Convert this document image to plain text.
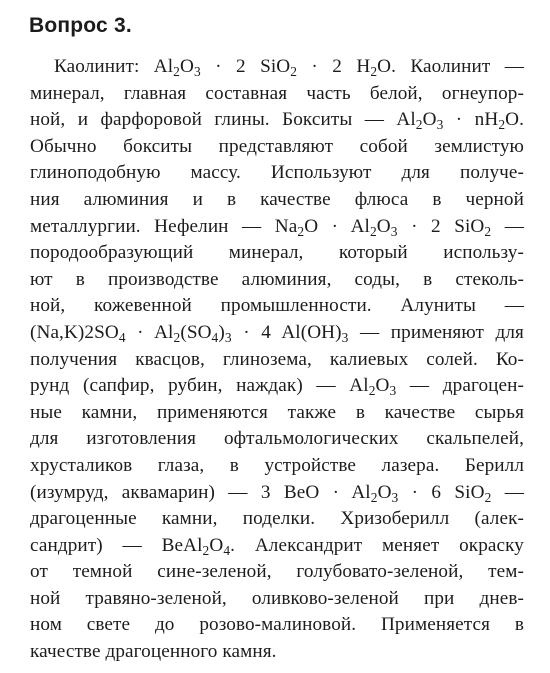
Вопрос 3.
Каолинит: $Al_2O_3 \cdot 2$ SiO$_2$ · 2 $H_2O$. Каолинит —
минерал, главная составная часть белой, огнеупор-
ной, и фарфоровой глины. Бокситы — $Al_2O_3 \cdot nH_2O$.
Обычно бокситы представляют собой землистую
глиноподобную массу. Используют для получе-
ния алюминия и в качестве флюса в черной
металлургии. Нефелин — $Na_2O \cdot Al_2O_3 \cdot 2$ SiO$_2$ —
породообразующий минерал, который использу-
ют в производстве алюминия, соды, в стеколь-
ной, кожевенной промышленности. Алуниты —
$(Na,K)2SO_4 \cdot Al_2(SO_4)_3 \cdot 4$ $Al(OH)_3$ — применяют для
получения квасцов, глинозема, калиевых солей. Ко-
рунд (сапфир, рубин, наждак) — $Al_2O_3$ — драгоцен-
ные камни, применяются также в качестве сырья
для изготовления офтальмологических скальпелей,
хрусталиков глаза, в устройстве лазера. Берилл
(изумруд, аквамарин) — 3 BeO · $Al_2O_3 \cdot 6$ SiO$_2$ —
драгоценные камни, поделки. Хризоберилл (алек-
сандрит) — $BeAl_2O_4$. Александрит меняет окраску
от темной сине-зеленой, голубовато-зеленой, тем-
ной травяно-зеленой, оливково-зеленой при днев-
ном свете до розово-малиновой. Применяется в
качестве драгоценного камня.
